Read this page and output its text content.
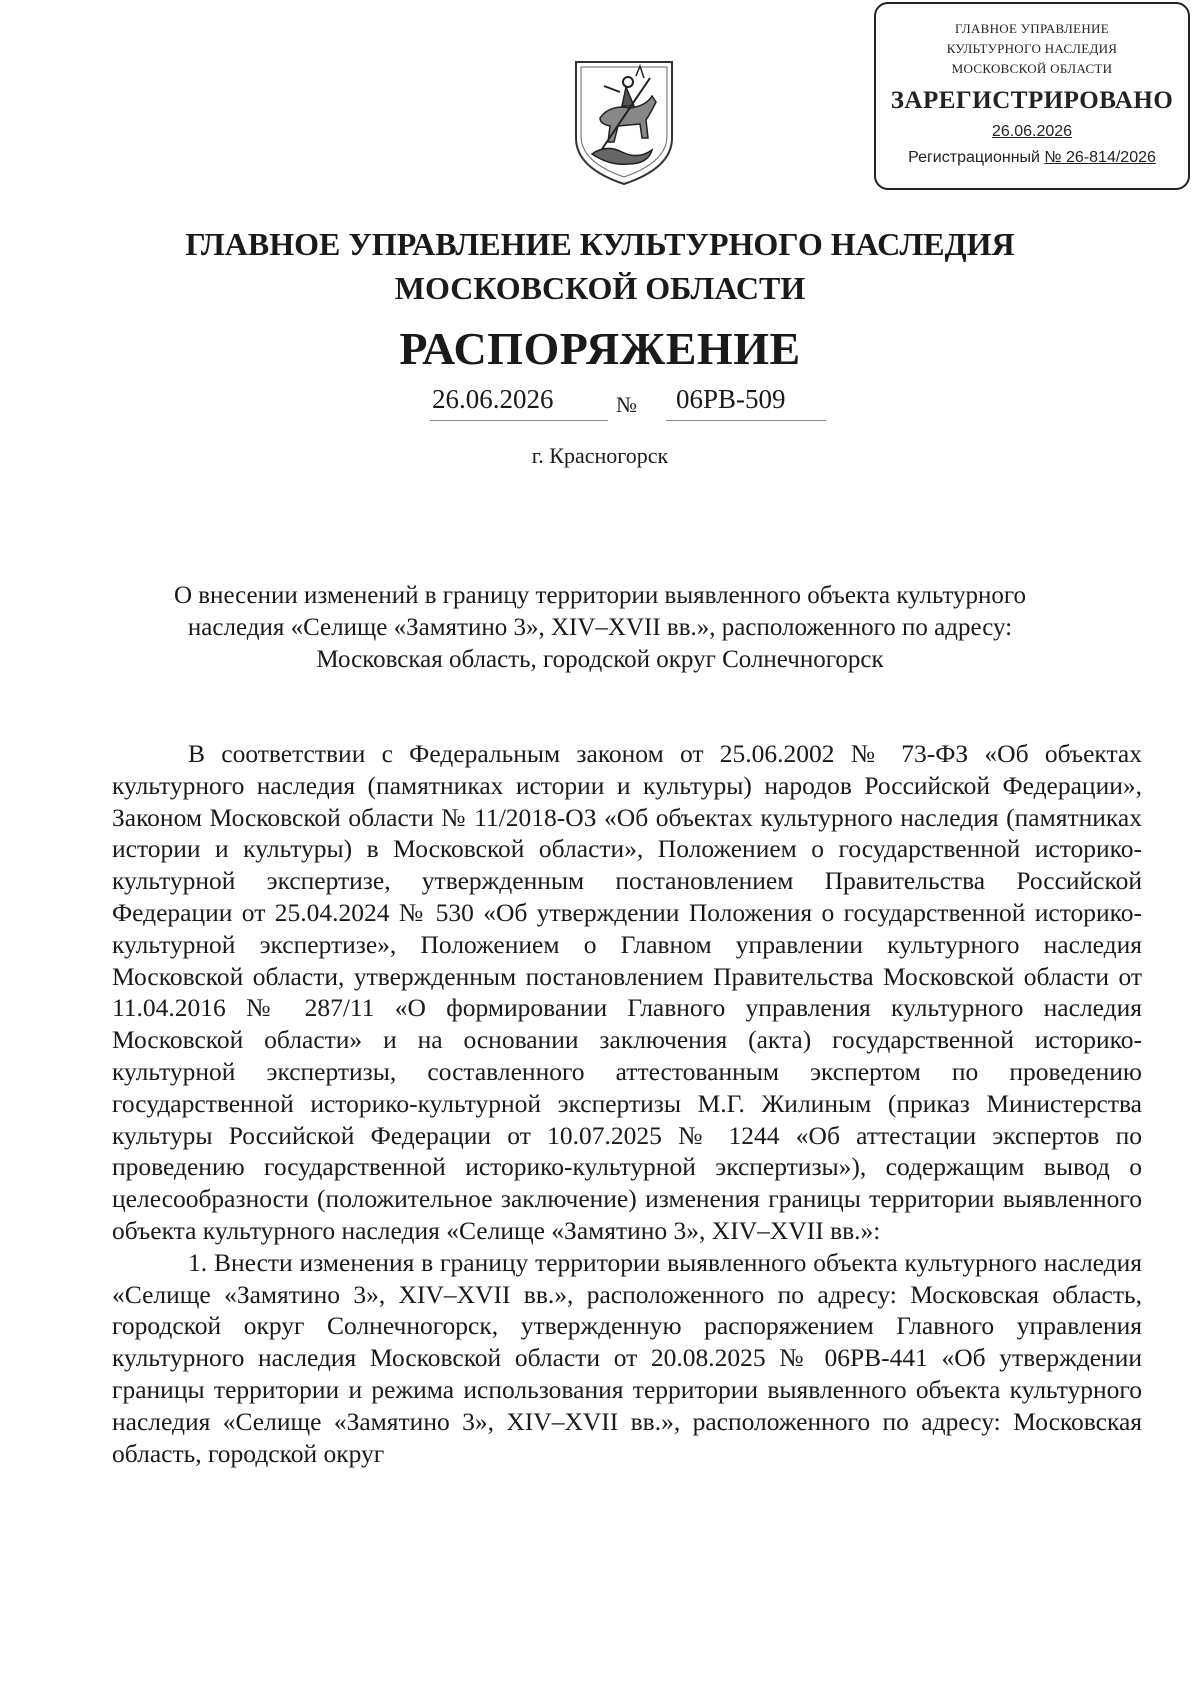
ГЛАВНОЕ УПРАВЛЕНИЕ
КУЛЬТУРНОГО НАСЛЕДИЯ
МОСКОВСКОЙ ОБЛАСТИ
ЗАРЕГИСТРИРОВАНО
26.06.2026
Регистрационный № 26-814/2026
ГЛАВНОЕ УПРАВЛЕНИЕ КУЛЬТУРНОГО НАСЛЕДИЯ
МОСКОВСКОЙ ОБЛАСТИ
РАСПОРЯЖЕНИЕ
26.06.2026	№ 06РВ-509
г. Красногорск
О внесении изменений в границу территории выявленного объекта культурного
наследия «Селище «Замятино 3», XIV–XVII вв.», расположенного по адресу:
Московская область, городской округ Солнечногорск

В соответствии с Федеральным законом от 25.06.2002 № 73-ФЗ «Об объектах культурного наследия (памятниках истории и культуры) народов Российской Федерации», Законом Московской области № 11/2018-ОЗ «Об объектах культурного наследия (памятниках истории и культуры) в Московской области», Положением о государственной историко-культурной экспертизе, утвержденным постановлением Правительства Российской Федерации от 25.04.2024 № 530 «Об утверждении Положения о государственной историко-культурной экспертизе», Положением о Главном управлении культурного наследия Московской области, утвержденным постановлением Правительства Московской области от 11.04.2016 № 287/11 «О формировании Главного управления культурного наследия Московской области» и на основании заключения (акта) государственной историко-культурной экспертизы, составленного аттестованным экспертом по проведению государственной историко-культурной экспертизы М.Г. Жилиным (приказ Министерства культуры Российской Федерации от 10.07.2025 № 1244 «Об аттестации экспертов по проведению государственной историко-культурной экспертизы»), содержащим вывод о целесообразности (положительное заключение) изменения границы территории выявленного объекта культурного наследия «Селище «Замятино 3», XIV–XVII вв.»:

1. Внести изменения в границу территории выявленного объекта культурного наследия «Селище «Замятино 3», XIV–XVII вв.», расположенного по адресу: Московская область, городской округ Солнечногорск, утвержденную распоряжением Главного управления культурного наследия Московской области от 20.08.2025 № 06РВ-441 «Об утверждении границы территории и режима использования территории выявленного объекта культурного наследия «Селище «Замятино 3», XIV–XVII вв.», расположенного по адресу: Московская область, городской округ
